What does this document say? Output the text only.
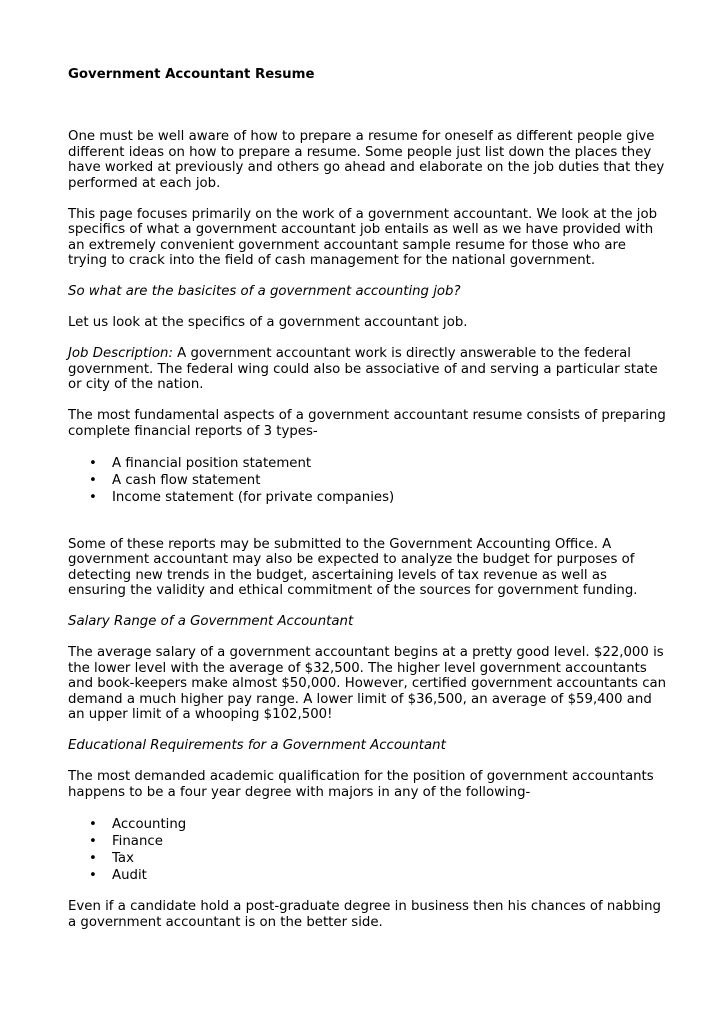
Government Accountant Resume

One must be well aware of how to prepare a resume for oneself as different people give different ideas on how to prepare a resume. Some people just list down the places they have worked at previously and others go ahead and elaborate on the job duties that they performed at each job.

This page focuses primarily on the work of a government accountant. We look at the job specifics of what a government accountant job entails as well as we have provided with an extremely convenient government accountant sample resume for those who are trying to crack into the field of cash management for the national government.

So what are the basicites of a government accounting job?

Let us look at the specifics of a government accountant job.

Job Description: A government accountant work is directly answerable to the federal government. The federal wing could also be associative of and serving a particular state or city of the nation.

The most fundamental aspects of a government accountant resume consists of preparing complete financial reports of 3 types-

• A financial position statement
• A cash flow statement
• Income statement (for private companies)

Some of these reports may be submitted to the Government Accounting Office. A government accountant may also be expected to analyze the budget for purposes of detecting new trends in the budget, ascertaining levels of tax revenue as well as ensuring the validity and ethical commitment of the sources for government funding.

Salary Range of a Government Accountant

The average salary of a government accountant begins at a pretty good level. $22,000 is the lower level with the average of $32,500. The higher level government accountants and book-keepers make almost $50,000. However, certified government accountants can demand a much higher pay range. A lower limit of $36,500, an average of $59,400 and an upper limit of a whooping $102,500!

Educational Requirements for a Government Accountant

The most demanded academic qualification for the position of government accountants happens to be a four year degree with majors in any of the following-

• Accounting
• Finance
• Tax
• Audit

Even if a candidate hold a post-graduate degree in business then his chances of nabbing a government accountant is on the better side.
